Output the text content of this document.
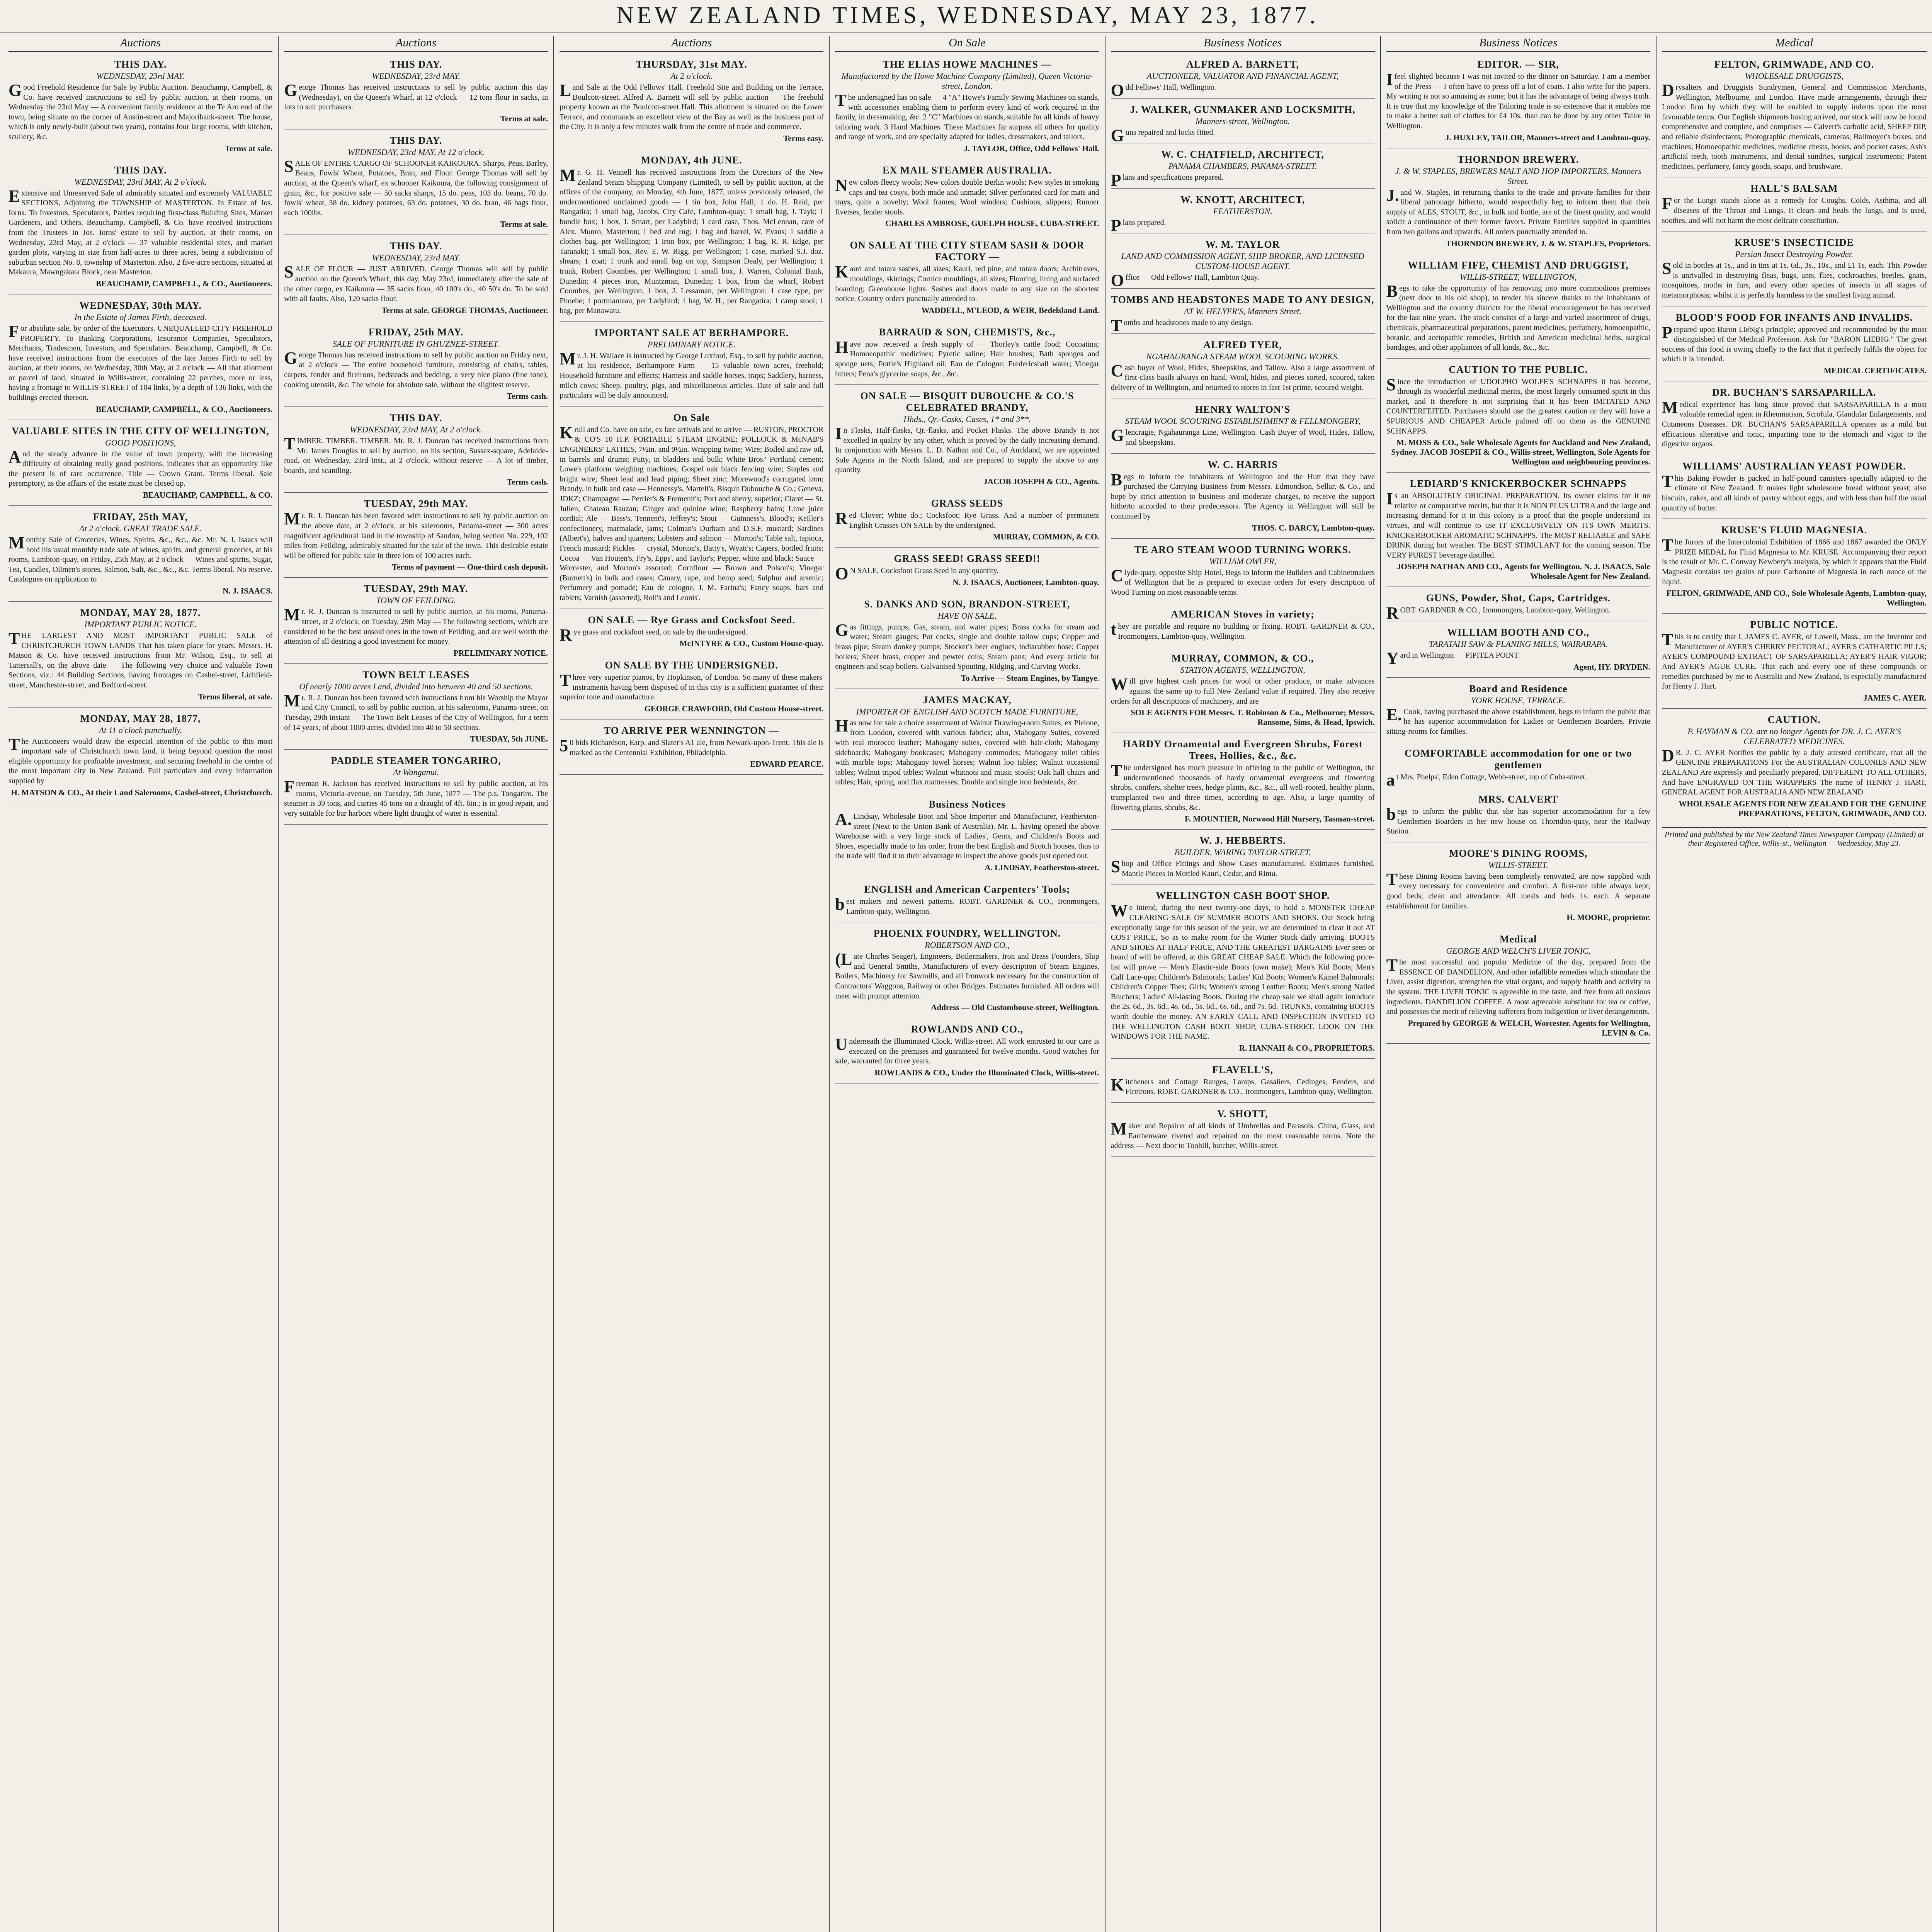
NEW ZEALAND TIMES, WEDNESDAY, MAY 23, 1877.
Auctions
THIS DAY.
WEDNESDAY, 23rd MAY.
Good Freehold Residence for Sale by Public Auction. Beauchamp, Campbell, & Co. have received instructions to sell by public auction, at their rooms, on Wednesday the 23rd May — A convenient family residence at the Te Aro end of the town, being situate on the corner of Austin-street and Majoribank-street. The house, which is only newly-built (about two years), contains four large rooms, with kitchen, scullery, &c.
Terms at sale.
THIS DAY.
WEDNESDAY, 23rd MAY, At 2 o'clock.
Extensive and Unreserved Sale of admirably situated and extremely VALUABLE SECTIONS, Adjoining the TOWNSHIP of MASTERTON. In Estate of Jos. Iorns. To Investors, Speculators, Parties requiring first-class Building Sites, Market Gardeners, and Others. Beauchamp, Campbell, & Co. have received instructions from the Trustees in Jos. Iorns' estate to sell by auction, at their rooms, on Wednesday, 23rd May, at 2 o'clock — 37 valuable residential sites, and market garden plots, varying in size from half-acres to three acres, being a subdivision of suburban section No. 8, township of Masterton. Also, 2 five-acre sections, situated at Makaura, Mawngakata Block, near Masterton.
BEAUCHAMP, CAMPBELL, & CO., Auctioneers.
WEDNESDAY, 30th MAY.
In the Estate of James Firth, deceased.
For absolute sale, by order of the Executors. UNEQUALLED CITY FREEHOLD PROPERTY. To Banking Corporations, Insurance Companies, Speculators, Merchants, Tradesmen, Investors, and Speculators. Beauchamp, Campbell, & Co. have received instructions from the executors of the late James Firth to sell by auction, at their rooms, on Wednesday, 30th May, at 2 o'clock — All that allotment or parcel of land, situated in Willis-street, containing 22 perches, more or less, having a frontage to WILLIS-STREET of 104 links, by a depth of 136 links, with the buildings erected thereon.
BEAUCHAMP, CAMPBELL, & CO., Auctioneers.
VALUABLE SITES IN THE CITY OF WELLINGTON,
GOOD POSITIONS,
And the steady advance in the value of town property, with the increasing difficulty of obtaining really good positions, indicates that an opportunity like the present is of rare occurrence. Title — Crown Grant. Terms liberal. Sale peremptory, as the affairs of the estate must be closed up.
BEAUCHAMP, CAMPBELL, & CO.
FRIDAY, 25th MAY,
At 2 o'clock. GREAT TRADE SALE.
Monthly Sale of Groceries, Wines, Spirits, &c., &c., &c. Mr. N. J. Isaacs will hold his usual monthly trade sale of wines, spirits, and general groceries, at his rooms, Lambton-quay, on Friday, 25th May, at 2 o'clock — Wines and spirits, Sugar, Tea, Candles, Oilmen's stores, Salmon, Salt, &c., &c., &c. Terms liberal. No reserve. Catalogues on application to
N. J. ISAACS.
MONDAY, MAY 28, 1877.
IMPORTANT PUBLIC NOTICE.
THE LARGEST AND MOST IMPORTANT PUBLIC SALE of CHRISTCHURCH TOWN LANDS That has taken place for years. Messrs. H. Matson & Co. have received instructions from Mr. Wilson, Esq., to sell at Tattersall's, on the above date — The following very choice and valuable Town Sections, viz.: 44 Building Sections, having frontages on Cashel-street, Lichfield-street, Manchester-street, and Bedford-street.
Terms liberal, at sale.
MONDAY, MAY 28, 1877,
At 11 o'clock punctually.
The Auctioneers would draw the especial attention of the public to this most important sale of Christchurch town land, it being beyond question the most eligible opportunity for profitable investment, and securing freehold in the centre of the most important city in New Zealand. Full particulars and every information supplied by
H. MATSON & CO., At their Land Salerooms, Cashel-street, Christchurch.
Auctions
THIS DAY.
WEDNESDAY, 23rd MAY.
George Thomas has received instructions to sell by public auction this day (Wednesday), on the Queen's Wharf, at 12 o'clock — 12 tons flour in sacks, in lots to suit purchasers.
Terms at sale.
THIS DAY.
WEDNESDAY, 23rd MAY, At 12 o'clock.
SALE OF ENTIRE CARGO OF SCHOONER KAIKOURA. Sharps, Peas, Barley, Beans, Fowls' Wheat, Potatoes, Bran, and Flour. George Thomas will sell by auction, at the Queen's wharf, ex schooner Kaikoura, the following consignment of grain, &c., for positive sale — 50 sacks sharps, 15 do. peas, 103 do. beans, 70 do. fowls' wheat, 38 do. kidney potatoes, 63 do. potatoes, 30 do. bran, 46 bags flour, each 100lbs.
Terms at sale.
THIS DAY.
WEDNESDAY, 23rd MAY.
SALE OF FLOUR — JUST ARRIVED. George Thomas will sell by public auction on the Queen's Wharf, this day, May 23rd, immediately after the sale of the other cargo, ex Kaikoura — 35 sacks flour, 40 100's do., 40 50's do. To be sold with all faults. Also, 120 sacks flour.
Terms at sale. GEORGE THOMAS, Auctioneer.
FRIDAY, 25th MAY.
SALE OF FURNITURE IN GHUZNEE-STREET.
George Thomas has received instructions to sell by public auction on Friday next, at 2 o'clock — The entire household furniture, consisting of chairs, tables, carpets, fender and fireirons, bedsteads and bedding, a very nice piano (fine tone), cooking utensils, &c. The whole for absolute sale, without the slightest reserve.
Terms cash.
THIS DAY.
WEDNESDAY, 23rd MAY, At 2 o'clock.
TIMBER. TIMBER. TIMBER. Mr. R. J. Duncan has received instructions from Mr. James Douglas to sell by auction, on his section, Sussex-square, Adelaide-road, on Wednesday, 23rd inst., at 2 o'clock, without reserve — A lot of timber, boards, and scantling.
Terms cash.
TUESDAY, 29th MAY.
Mr. R. J. Duncan has been favored with instructions to sell by public auction on the above date, at 2 o'clock, at his salerooms, Panama-street — 300 acres magnificent agricultural land in the township of Sandon, being section No. 229, 102 miles from Feilding, admirably situated for the sale of the town. This desirable estate will be offered for public sale in three lots of 100 acres each.
Terms of payment — One-third cash deposit.
TUESDAY, 29th MAY.
TOWN OF FEILDING.
Mr. R. J. Duncan is instructed to sell by public auction, at his rooms, Panama-street, at 2 o'clock, on Tuesday, 29th May — The following sections, which are considered to be the best unsold ones in the town of Feilding, and are well worth the attention of all desiring a good investment for money.
PRELIMINARY NOTICE.
TOWN BELT LEASES
Of nearly 1000 acres Land, divided into between 40 and 50 sections.
Mr. R. J. Duncan has been favored with instructions from his Worship the Mayor and City Council, to sell by public auction, at his salerooms, Panama-street, on Tuesday, 29th instant — The Town Belt Leases of the City of Wellington, for a term of 14 years, of about 1000 acres, divided into 40 to 50 sections.
TUESDAY, 5th JUNE.
PADDLE STEAMER TONGARIRO,
At Wanganui.
Freeman R. Jackson has received instructions to sell by public auction, at his rooms, Victoria-avenue, on Tuesday, 5th June, 1877 — The p.s. Tongariro. The steamer is 39 tons, and carries 45 tons on a draught of 4ft. 6in.; is in good repair, and very suitable for bar harbors where light draught of water is essential.
Auctions
THURSDAY, 31st MAY.
At 2 o'clock.
Land Sale at the Odd Fellows' Hall. Freehold Site and Building on the Terrace, Boulcott-street. Alfred A. Barnett will sell by public auction — The freehold property known as the Boulcott-street Hall. This allotment is situated on the Lower Terrace, and commands an excellent view of the Bay as well as the business part of the City. It is only a few minutes walk from the centre of trade and commerce.
Terms easy.
MONDAY, 4th JUNE.
Mr. G. H. Vennell has received instructions from the Directors of the New Zealand Steam Shipping Company (Limited), to sell by public auction, at the offices of the company, on Monday, 4th June, 1877, unless previously released, the undermentioned unclaimed goods — 1 tin box, John Hall; 1 do. H. Reid, per Rangatira; 1 small bag, Jacobs, City Cafe, Lambton-quay; 1 small bag, J. Tayk; 1 bundle box; 1 box, J. Smart, per Ladybird; 1 card case, Thos. McLennan, care of Alex. Munro, Masterton; 1 bed and rug; 1 bag and barrel, W. Evans; 1 saddle a clothes bag, per Wellington; 1 iron box, per Wellington; 1 bag, R. R. Edge, per Taranaki; 1 small box, Rev. E. W. Rigg, per Wellington; 1 case, marked S.J. doz. shears; 1 coat; 1 trunk and small bag on top, Sampson Dealy, per Wellington; 1 trunk, Robert Coombes, per Wellington; 1 small box, J. Warren, Colonial Bank, Dunedin; 4 pieces iron, Muntzman, Dunedin; 1 box, from the wharf, Robert Coombes, per Wellington; 1 box, J. Lessaman, per Wellington; 1 case type, per Phoebe; 1 portmanteau, per Ladybird; 1 bag, W. H., per Rangatira; 1 camp stool; 1 bag, per Manawatu.
IMPORTANT SALE AT BERHAMPORE.
PRELIMINARY NOTICE.
Mr. J. H. Wallace is instructed by George Luxford, Esq., to sell by public auction, at his residence, Berhampore Farm — 15 valuable town acres, freehold; Household furniture and effects; Harness and saddle horses, traps; Saddlery, harness, milch cows; Sheep, poultry, pigs, and miscellaneous articles. Date of sale and full particulars will be duly announced.
On Sale
Krull and Co. have on sale, ex late arrivals and to arrive — RUSTON, PROCTOR & CO'S 10 H.P. PORTABLE STEAM ENGINE; POLLOCK & McNAB'S ENGINEERS' LATHES, 7½in. and 9½in. Wrapping twine; Wire; Boiled and raw oil, in barrels and drums; Putty, in bladders and bulk; White Bros.' Portland cement; Lowe's platform weighing machines; Gospel oak black fencing wire; Staples and bright wire; Sheet lead and lead piping; Sheet zinc; Morewood's corrugated iron; Brandy, in bulk and case — Hennessy's, Martell's, Bisquit Dubouche & Co.; Geneva, JDKZ; Champagne — Perrier's & Fremenit's; Port and sherry, superior; Claret — St. Julien, Chateau Rauzan; Ginger and quinine wine; Raspberry balm; Lime juice cordial; Ale — Bass's, Tennent's, Jeffrey's; Stout — Guinness's, Blood's; Keiller's confectionery, marmalade, jams; Colman's Durham and D.S.F. mustard; Sardines (Albert's), halves and quarters; Lobsters and salmon — Morton's; Table salt, tapioca, French mustard; Pickles — crystal, Morton's, Batty's, Wyatt's; Capers, bottled fruits; Cocoa — Van Houten's, Fry's, Epps', and Taylor's; Pepper, white and black; Sauce — Worcester, and Morton's assorted; Cornflour — Brown and Polson's; Vinegar (Burnett's) in bulk and cases; Canary, rape, and hemp seed; Sulphur and arsenic; Perfumery and pomade; Eau de cologne, J. M. Farina's; Fancy soaps, bars and tablets; Varnish (assorted), Roll's and Leonis'.
ON SALE — Rye Grass and Cocksfoot Seed.
Rye grass and cocksfoot seed, on sale by the undersigned.
McINTYRE & CO., Custom House-quay.
ON SALE BY THE UNDERSIGNED.
Three very superior pianos, by Hopkinson, of London. So many of these makers' instruments having been disposed of in this city is a sufficient guarantee of their superior tone and manufacture.
GEORGE CRAWFORD, Old Custom House-street.
TO ARRIVE PER WENNINGTON —
50 bids Richardson, Earp, and Slater's A1 ale, from Newark-upon-Trent. This ale is marked as the Centennial Exhibition, Philadelphia.
EDWARD PEARCE.
On Sale
THE ELIAS HOWE MACHINES —
Manufactured by the Howe Machine Company (Limited), Queen Victoria-street, London.
The undersigned has on sale — 4 "A" Howe's Family Sewing Machines on stands, with accessories enabling them to perform every kind of work required in the family, in dressmaking, &c. 2 "C" Machines on stands, suitable for all kinds of heavy tailoring work. 3 Hand Machines. These Machines far surpass all others for quality and range of work, and are specially adapted for ladies, dressmakers, and tailors.
J. TAYLOR, Office, Odd Fellows' Hall.
EX MAIL STEAMER AUSTRALIA.
New colors fleecy wools; New colors double Berlin wools; New styles in smoking caps and tea cosys, both made and unmade; Silver perforated card for mats and trays, quite a novelty; Wool frames; Wool winders; Cushions, slippers; Runner fiverses, fender stools.
CHARLES AMBROSE, GUELPH HOUSE, CUBA-STREET.
ON SALE AT THE CITY STEAM SASH & DOOR FACTORY —
Kauri and totara sashes, all sizes; Kauri, red pine, and totara doors; Architraves, mouldings, skirtings; Cornice mouldings, all sizes; Flooring, lining and surfaced boarding; Greenhouse lights. Sashes and doors made to any size on the shortest notice. Country orders punctually attended to.
WADDELL, M'LEOD, & WEIR, Bedelsland Land.
BARRAUD & SON, CHEMISTS, &c.,
Have now received a fresh supply of — Thorley's cattle food; Cocoatina; Homoeopathic medicines; Pyretic saline; Hair brushes; Bath sponges and sponge nets; Pottle's Highland oil; Eau de Cologne; Fredericshall water; Vinegar bitters; Pena's glycerine soaps, &c., &c.
ON SALE — BISQUIT DUBOUCHE & CO.'S CELEBRATED BRANDY,
Hhds., Qr.-Casks, Cases, 1* and 3**.
In Flasks, Half-flasks, Qr.-flasks, and Pocket Flasks. The above Brandy is not excelled in quality by any other, which is proved by the daily increasing demand. In conjunction with Messrs. L. D. Nathan and Co., of Auckland, we are appointed Sole Agents in the North Island, and are prepared to supply the above to any quantity.
JACOB JOSEPH & CO., Agents.
GRASS SEEDS
Red Clover; White do.; Cocksfoot; Rye Grass. And a number of permanent English Grasses ON SALE by the undersigned.
MURRAY, COMMON, & CO.
GRASS SEED! GRASS SEED!!
ON SALE, Cocksfoot Grass Seed in any quantity.
N. J. ISAACS, Auctioneer, Lambton-quay.
S. DANKS AND SON, BRANDON-STREET,
HAVE ON SALE,
Gas fittings, pumps; Gas, steam, and water pipes; Brass cocks for steam and water; Steam gauges; Pot cocks, single and double tallow cups; Copper and brass pipe; Steam donkey pumps; Stocker's beer engines, indiarubber hose; Copper boilers; Sheet brass, copper and pewter coils; Steam pans; And every article for engineers and soap boilers. Galvanised Spouting, Ridging, and Curving Works.
To Arrive — Steam Engines, by Tangye.
JAMES MACKAY,
IMPORTER OF ENGLISH AND SCOTCH MADE FURNITURE,
Has now for sale a choice assortment of Walnut Drawing-room Suites, ex Pleione, from London, covered with various fabrics; also, Mahogany Suites, covered with real morocco leather; Mahogany suites, covered with hair-cloth; Mahogany sideboards; Mahogany bookcases; Mahogany commodes; Mahogany toilet tables with marble tops; Mahogany towel horses; Walnut loo tables; Walnut occasional tables; Walnut tripod tables; Walnut whatnots and music stools; Oak hall chairs and tables; Hair, spring, and flax mattresses; Double and single iron bedsteads, &c.
Business Notices
A.Lindsay, Wholesale Boot and Shoe Importer and Manufacturer, Featherston-street (Next to the Union Bank of Australia). Mr. L. having opened the above Warehouse with a very large stock of Ladies', Gents, and Children's Boots and Shoes, especially made to his order, from the best English and Scotch houses, thus to the trade will find it to their advantage to inspect the above goods just opened out.
A. LINDSAY, Featherston-street.
ENGLISH and American Carpenters' Tools;
best makers and newest patterns. ROBT. GARDNER & CO., Ironmongers, Lambton-quay, Wellington.
PHOENIX FOUNDRY, WELLINGTON.
ROBERTSON AND CO.,
(Late Charles Seager), Engineers, Boilermakers, Iron and Brass Founders, Ship and General Smiths, Manufacturers of every description of Steam Engines, Boilers, Machinery for Sawmills, and all Ironwork necessary for the construction of Contractors' Waggons, Railway or other Bridges. Estimates furnished. All orders will meet with prompt attention.
Address — Old Customhouse-street, Wellington.
ROWLANDS AND CO.,
Underneath the Illuminated Clock, Willis-street. All work entrusted to our care is executed on the premises and guaranteed for twelve months. Good watches for sale, warranted for three years.
ROWLANDS & CO., Under the Illuminated Clock, Willis-street.
Business Notices
ALFRED A. BARNETT,
AUCTIONEER, VALUATOR AND FINANCIAL AGENT,
Odd Fellows' Hall, Wellington.
J. WALKER, GUNMAKER AND LOCKSMITH,
Manners-street, Wellington.
Guns repaired and locks fitted.
W. C. CHATFIELD, ARCHITECT,
PANAMA CHAMBERS, PANAMA-STREET.
Plans and specifications prepared.
W. KNOTT, ARCHITECT,
FEATHERSTON.
Plans prepared.
W. M. TAYLOR
LAND AND COMMISSION AGENT, SHIP BROKER, AND LICENSED CUSTOM-HOUSE AGENT.
Office — Odd Fellows' Hall, Lambton Quay.
TOMBS AND HEADSTONES MADE TO ANY DESIGN,
AT W. HELYER'S, Manners Street.
Tombs and headstones made to any design.
ALFRED TYER,
NGAHAURANGA STEAM WOOL SCOURING WORKS.
Cash buyer of Wool, Hides, Sheepskins, and Tallow. Also a large assortment of first-class basils always on hand. Wool, hides, and pieces sorted, scoured, taken delivery of in Wellington, and returned to stores in fast 1st prime, scoured weight.
HENRY WALTON'S
STEAM WOOL SCOURING ESTABLISHMENT & FELLMONGERY,
Glencragie, Ngahauranga Line, Wellington. Cash Buyer of Wool, Hides, Tallow, and Sheepskins.
W. C. HARRIS
Begs to inform the inhabitants of Wellington and the Hutt that they have purchased the Carrying Business from Messrs. Edmondson, Sellar, & Co., and hope by strict attention to business and moderate charges, to receive the support hitherto accorded to their predecessors. The Agency in Wellington will still be continued by
THOS. C. DARCY, Lambton-quay.
TE ARO STEAM WOOD TURNING WORKS.
WILLIAM OWLER,
Clyde-quay, opposite Ship Hotel, Begs to inform the Builders and Cabinetmakers of Wellington that he is prepared to execute orders for every description of Wood Turning on most reasonable terms.
AMERICAN Stoves in variety;
they are portable and require no building or fixing. ROBT. GARDNER & CO., Ironmongers, Lambton-quay, Wellington.
MURRAY, COMMON, & CO.,
STATION AGENTS, WELLINGTON,
Will give highest cash prices for wool or other produce, or make advances against the same up to full New Zealand value if required. They also receive orders for all descriptions of machinery, and are
SOLE AGENTS FOR Messrs. T. Robinson & Co., Melbourne; Messrs. Ransome, Sims, & Head, Ipswich.
HARDY Ornamental and Evergreen Shrubs, Forest Trees, Hollies, &c., &c.
The undersigned has much pleasure in offering to the public of Wellington, the undermentioned thousands of hardy ornamental evergreens and flowering shrubs, conifers, shelter trees, hedge plants, &c., &c., all well-rooted, healthy plants, transplanted two and three times, according to age. Also, a large quantity of flowering plants, shrubs, &c.
F. MOUNTIER, Norwood Hill Nursery, Tasman-street.
W. J. HEBBERTS.
BUILDER, WARING TAYLOR-STREET,
Shop and Office Fittings and Show Cases manufactured. Estimates furnished. Mantle Pieces in Mottled Kauri, Cedar, and Rimu.
WELLINGTON CASH BOOT SHOP.
We intend, during the next twenty-one days, to hold a MONSTER CHEAP CLEARING SALE OF SUMMER BOOTS AND SHOES. Our Stock being exceptionally large for this season of the year, we are determined to clear it out AT COST PRICE, So as to make room for the Winter Stock daily arriving. BOOTS AND SHOES AT HALF PRICE, AND THE GREATEST BARGAINS Ever seen or heard of will be offered, at this GREAT CHEAP SALE. Which the following price-list will prove — Men's Elastic-side Boots (own make); Men's Kid Boots; Men's Calf Lace-ups; Children's Balmorals; Ladies' Kid Boots; Women's Kamel Balmorals; Children's Copper Toes; Girls; Women's strong Leather Boots; Men's strong Nailed Bluchers; Ladies' All-lasting Boots. During the cheap sale we shall again introduce the 2s. 6d., 3s. 6d., 4s. 6d., 5s. 6d., 6s. 6d., and 7s. 6d. TRUNKS, containing BOOTS worth double the money. AN EARLY CALL AND INSPECTION INVITED TO THE WELLINGTON CASH BOOT SHOP, CUBA-STREET. LOOK ON THE WINDOWS FOR THE NAME.
R. HANNAH & CO., PROPRIETORS.
FLAVELL'S,
Kitcheners and Cottage Ranges, Lamps, Gasaliers, Cedinges, Fenders, and Fireirons. ROBT. GARDNER & CO., Ironmongers, Lambton-quay, Wellington.
V. SHOTT,
Maker and Repairer of all kinds of Umbrellas and Parasols. China, Glass, and Earthenware riveted and repaired on the most reasonable terms. Note the address — Next door to Toohill, butcher, Willis-street.
Business Notices
EDITOR. — SIR,
Ifeel slighted because I was not invited to the dinner on Saturday. I am a member of the Press — I often have to press off a lot of coats. I also write for the papers. My writing is not so amusing as some; but it has the advantage of being always truth. It is true that my knowledge of the Tailoring trade is so extensive that it enables me to make a better suit of clothes for £4 10s. than can be done by any other Tailor in Wellington.
J. HUXLEY, TAILOR, Manners-street and Lambton-quay.
THORNDON BREWERY.
J. & W. STAPLES, BREWERS MALT AND HOP IMPORTERS, Manners Street.
J.and W. Staples, in returning thanks to the trade and private families for their liberal patronage hitherto, would respectfully beg to inform them that their supply of ALES, STOUT, &c., in bulk and bottle, are of the finest quality, and would solicit a continuance of their former favors. Private Families supplied in quantities from two gallons and upwards. All orders punctually attended to.
THORNDON BREWERY, J. & W. STAPLES, Proprietors.
WILLIAM FIFE, CHEMIST AND DRUGGIST,
WILLIS-STREET, WELLINGTON,
Begs to take the opportunity of his removing into more commodious premises (next door to his old shop), to tender his sincere thanks to the inhabitants of Wellington and the country districts for the liberal encouragement he has received for the last nine years. The stock consists of a large and varied assortment of drugs, chemicals, pharmaceutical preparations, patent medicines, perfumery, homoeopathic, botanic, and acetopathic remedies, British and American medicinal herbs, surgical bandages, and other appliances of all kinds, &c., &c.
CAUTION TO THE PUBLIC.
Since the introduction of UDOLPHO WOLFE'S SCHNAPPS it has become, through its wonderful medicinal merits, the most largely consumed spirit in this market, and it therefore is not surprising that it has been IMITATED AND COUNTERFEITED. Purchasers should use the greatest caution or they will have a SPURIOUS AND CHEAPER Article palmed off on them as the GENUINE SCHNAPPS.
M. MOSS & CO., Sole Wholesale Agents for Auckland and New Zealand, Sydney. JACOB JOSEPH & CO., Willis-street, Wellington, Sole Agents for Wellington and neighbouring provinces.
LEDIARD'S KNICKERBOCKER SCHNAPPS
Is an ABSOLUTELY ORIGINAL PREPARATION. Its owner claims for it no relative or comparative merits, but that it is NON PLUS ULTRA and the large and increasing demand for it in this colony is a proof that the people understand its virtues, and will continue to use IT EXCLUSIVELY ON ITS OWN MERITS. KNICKERBOCKER AROMATIC SCHNAPPS. The MOST RELIABLE and SAFE DRINK during hot weather. The BEST STIMULANT for the coming season. The VERY PUREST beverage distilled.
JOSEPH NATHAN AND CO., Agents for Wellington. N. J. ISAACS, Sole Wholesale Agent for New Zealand.
GUNS, Powder, Shot, Caps, Cartridges.
ROBT. GARDNER & CO., Ironmongers, Lambton-quay, Wellington.
WILLIAM BOOTH AND CO.,
TARATAHI SAW & PLANING MILLS, WAIRARAPA.
Yard in Wellington — PIPITEA POINT.
Agent, HY. DRYDEN.
Board and Residence
YORK HOUSE, TERRACE.
E.Cook, having purchased the above establishment, begs to inform the public that he has superior accommodation for Ladies or Gentlemen Boarders. Private sitting-rooms for families.
COMFORTABLE accommodation for one or two gentlemen
at Mrs. Phelps', Eden Cottage, Webb-street, top of Cuba-street.
MRS. CALVERT
begs to inform the public that she has superior accommodation for a few Gentlemen Boarders in her new house on Thorndon-quay, near the Railway Station.
MOORE'S DINING ROOMS,
WILLIS-STREET.
These Dining Rooms having been completely renovated, are now supplied with every necessary for convenience and comfort. A first-rate table always kept; good beds; clean and attendance. All meals and beds 1s. each. A separate establishment for families.
H. MOORE, proprietor.
Medical
GEORGE AND WELCH'S LIVER TONIC,
The most successful and popular Medicine of the day, prepared from the ESSENCE OF DANDELION, And other infallible remedies which stimulate the Liver, assist digestion, strengthen the vital organs, and supply health and activity to the system. THE LIVER TONIC is agreeable to the taste, and free from all noxious ingredients. DANDELION COFFEE. A most agreeable substitute for tea or coffee, and possesses the merit of relieving sufferers from indigestion or liver derangements.
Prepared by GEORGE & WELCH, Worcester. Agents for Wellington, LEVIN & Co.
Medical
FELTON, GRIMWADE, AND CO.
WHOLESALE DRUGGISTS,
Drysalters and Druggists Sundrymen, General and Commission Merchants, Wellington, Melbourne, and London. Have made arrangements, through their London firm by which they will be enabled to supply indents upon the most favourable terms. Our English shipments having arrived, our stock will now be found comprehensive and complete, and comprises — Calvert's carbolic acid, SHEEP DIP, and reliable disinfectants; Photographic chemicals, cameras, Ballmoyer's boxes, and machines; Homoeopathic medicines, medicine chests, books, and pocket cases; Ash's artificial teeth, tooth instruments, and dental sundries, surgical instruments; Patent medicines, perfumery, fancy goods, soaps, and brushware.
HALL'S BALSAM
For the Lungs stands alone as a remedy for Coughs, Colds, Asthma, and all diseases of the Throat and Lungs. It clears and heals the lungs, and is used, soothes, and will not harm the most delicate constitution.
KRUSE'S INSECTICIDE
Persian Insect Destroying Powder.
Sold in bottles at 1s., and in tins at 1s. 6d., 3s., 10s., and £1 1s. each. This Powder is unrivalled in destroying fleas, bugs, ants, flies, cockroaches, beetles, gnats, mosquitoes, moths in furs, and every other species of insects in all stages of metamorphosis; whilst it is perfectly harmless to the smallest living animal.
BLOOD'S FOOD FOR INFANTS AND INVALIDS.
Prepared upon Baron Liebig's principle; approved and recommended by the most distinguished of the Medical Profession. Ask for "BARON LIEBIG." The great success of this food is owing chiefly to the fact that it perfectly fulfils the object for which it is intended.
MEDICAL CERTIFICATES.
DR. BUCHAN'S SARSAPARILLA.
Medical experience has long since proved that SARSAPARILLA is a most valuable remedial agent in Rheumatism, Scrofula, Glandular Enlargements, and Cutaneous Diseases. DR. BUCHAN'S SARSAPARILLA operates as a mild but efficacious alterative and tonic, imparting tone to the stomach and vigor to the digestive organs.
WILLIAMS' AUSTRALIAN YEAST POWDER.
This Baking Powder is packed in half-pound canisters specially adapted to the climate of New Zealand. It makes light wholesome bread without yeast; also biscuits, cakes, and all kinds of pastry without eggs, and with less than half the usual quantity of butter.
KRUSE'S FLUID MAGNESIA.
The Jurors of the Intercolonial Exhibition of 1866 and 1867 awarded the ONLY PRIZE MEDAL for Fluid Magnesia to Mr. KRUSE. Accompanying their report is the result of Mr. C. Conway Newbery's analysis, by which it appears that the Fluid Magnesia contains ten grains of pure Carbonate of Magnesia in each ounce of the liquid.
FELTON, GRIMWADE, AND CO., Sole Wholesale Agents, Lambton-quay, Wellington.
PUBLIC NOTICE.
This is to certify that I, JAMES C. AYER, of Lowell, Mass., am the Inventor and Manufacturer of AYER'S CHERRY PECTORAL; AYER'S CATHARTIC PILLS; AYER'S COMPOUND EXTRACT OF SARSAPARILLA; AYER'S HAIR VIGOR; And AYER'S AGUE CURE. That each and every one of these compounds or remedies purchased by me to Australia and New Zealand, is especially manufactured for Henry J. Hart.
JAMES C. AYER.
CAUTION.
P. HAYMAN & CO. are no longer Agents for DR. J. C. AYER'S CELEBRATED MEDICINES.
DR. J. C. AYER Notifies the public by a duly attested certificate, that all the GENUINE PREPARATIONS For the AUSTRALIAN COLONIES AND NEW ZEALAND Are expressly and peculiarly prepared, DIFFERENT TO ALL OTHERS, And have ENGRAVED ON THE WRAPPERS The name of HENRY J. HART, GENERAL AGENT FOR AUSTRALIA AND NEW ZEALAND.
WHOLESALE AGENTS FOR NEW ZEALAND FOR THE GENUINE PREPARATIONS, FELTON, GRIMWADE, AND CO.
Printed and published by the New Zealand Times Newspaper Company (Limited) at their Registered Office, Willis-st., Wellington — Wednesday, May 23.
